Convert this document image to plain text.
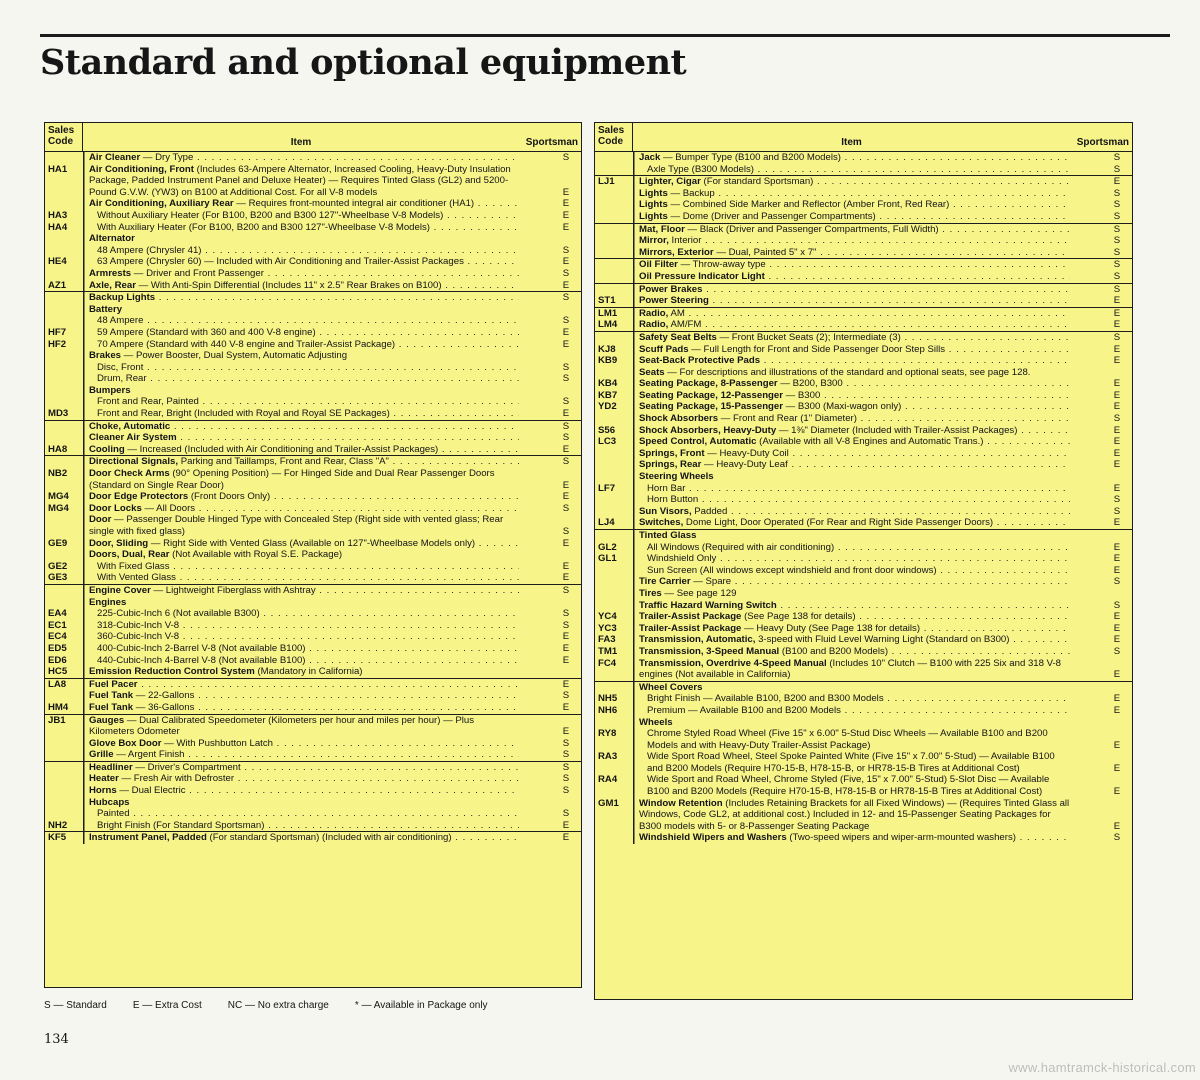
Standard and optional equipment
Sales Code	Item	Sportsman
Air Cleaner — Dry Type . . .	S
HA1	Air Conditioning, Front (Includes 63-Ampere Alternator, Increased Cooling, Heavy-Duty Insulation Package, Padded Instrument Panel and Deluxe Heater) — Requires Tinted Glass (GL2) and 5200-Pound G.V.W. (YW3) on B100 at Additional Cost. For all V-8 models	E
Air Conditioning, Auxiliary Rear — Requires front-mounted integral air conditioner (HA1) . . .	E
HA3	Without Auxiliary Heater (For B100, B200 and B300 127"-Wheelbase V-8 Models) . . .	E
HA4	With Auxiliary Heater (For B100, B200 and B300 127"-Wheelbase V-8 Models) . . .	E
Alternator
48 Ampere (Chrysler 41) . . .	S
HE4	63 Ampere (Chrysler 60) — Included with Air Conditioning and Trailer-Assist Packages . . .	E
Armrests — Driver and Front Passenger . . .	S
AZ1	Axle, Rear — With Anti-Spin Differential (Includes 11" x 2.5" Rear Brakes on B100) . . .	E
Backup Lights . . .	S
Battery
48 Ampere . . .	S
HF7	59 Ampere (Standard with 360 and 400 V-8 engine) . . .	E
HF2	70 Ampere (Standard with 440 V-8 engine and Trailer-Assist Package) . . .	E
Brakes — Power Booster, Dual System, Automatic Adjusting
Disc, Front . . .	S
Drum, Rear . . .	S
Bumpers
Front and Rear, Painted . . .	S
MD3	Front and Rear, Bright (Included with Royal and Royal SE Packages) . . .	E
Choke, Automatic . . .	S
Cleaner Air System . . .	S
HA8	Cooling — Increased (Included with Air Conditioning and Trailer-Assist Packages) . . .	E
Directional Signals, Parking and Taillamps, Front and Rear, Class "A" . . .	S
NB2	Door Check Arms (90° Opening Position) — For Hinged Side and Dual Rear Passenger Doors (Standard on Single Rear Door)	E
MG4	Door Edge Protectors (Front Doors Only) . . .	E
MG4	Door Locks — All Doors . . .	S
Door — Passenger Double Hinged Type with Concealed Step (Right side with vented glass; Rear single with fixed glass)	S
GE9	Door, Sliding — Right Side with Vented Glass (Available on 127"-Wheelbase Models only) . . .	E
Doors, Dual, Rear (Not Available with Royal S.E. Package)
GE2	With Fixed Glass . . .	E
GE3	With Vented Glass . . .	E
Engine Cover — Lightweight Fiberglass with Ashtray . . .	S
Engines
EA4	225-Cubic-Inch 6 (Not available B300) . . .	S
EC1	318-Cubic-Inch V-8 . . .	S
EC4	360-Cubic-Inch V-8 . . .	E
ED5	400-Cubic-Inch 2-Barrel V-8 (Not available B100) . . .	E
ED6	440-Cubic-Inch 4-Barrel V-8 (Not available B100) . . .	E
HC5	Emission Reduction Control System (Mandatory in California)
LA8	Fuel Pacer . . .	E
Fuel Tank — 22-Gallons . . .	S
HM4	Fuel Tank — 36-Gallons . . .	E
JB1	Gauges — Dual Calibrated Speedometer (Kilometers per hour and miles per hour) — Plus Kilometers Odometer	E
Glove Box Door — With Pushbutton Latch . . .	S
Grille — Argent Finish . . .	S
Headliner — Driver's Compartment . . .	S
Heater — Fresh Air with Defroster . . .	S
Horns — Dual Electric . . .	S
Hubcaps
Painted . . .	S
NH2	Bright Finish (For Standard Sportsman) . . .	E
KF5	Instrument Panel, Padded (For standard Sportsman) (Included with air conditioning) . . .	E
Sales Code	Item	Sportsman
Jack — Bumper Type (B100 and B200 Models) . . .	S
Axle Type (B300 Models) . . .	S
LJ1	Lighter, Cigar (For standard Sportsman) . . .	E
Lights — Backup . . .	S
Lights — Combined Side Marker and Reflector (Amber Front, Red Rear) . . .	S
Lights — Dome (Driver and Passenger Compartments) . . .	S
Mat, Floor — Black (Driver and Passenger Compartments, Full Width) . . .	S
Mirror, Interior . . .	S
Mirrors, Exterior — Dual, Painted 5" x 7" . . .	S
Oil Filter — Throw-away type . . .	S
Oil Pressure Indicator Light . . .	S
Power Brakes . . .	S
ST1	Power Steering . . .	E
LM1	Radio, AM . . .	E
LM4	Radio, AM/FM . . .	E
Safety Seat Belts — Front Bucket Seats (2); Intermediate (3) . . .	S
KJ8	Scuff Pads — Full Length for Front and Side Passenger Door Step Sills . . .	E
KB9	Seat-Back Protective Pads . . .	E
Seats — For descriptions and illustrations of the standard and optional seats, see page 128.
KB4	Seating Package, 8-Passenger — B200, B300 . . .	E
KB7	Seating Package, 12-Passenger — B300 . . .	E
YD2	Seating Package, 15-Passenger — B300 (Maxi-wagon only) . . .	E
Shock Absorbers — Front and Rear (1" Diameter) . . .	S
S56	Shock Absorbers, Heavy-Duty — 1⅜" Diameter (Included with Trailer-Assist Packages) . . .	E
LC3	Speed Control, Automatic (Available with all V-8 Engines and Automatic Trans.) . . .	E
Springs, Front — Heavy-Duty Coil . . .	E
Springs, Rear — Heavy-Duty Leaf . . .	E
Steering Wheels
LF7	Horn Bar . . .	E
Horn Button . . .	S
Sun Visors, Padded . . .	S
LJ4	Switches, Dome Light, Door Operated (For Rear and Right Side Passenger Doors) . . .	E
Tinted Glass
GL2	All Windows (Required with air conditioning) . . .	E
GL1	Windshield Only . . .	E
Sun Screen (All windows except windshield and front door windows) . . .	E
Tire Carrier — Spare . . .	S
Tires — See page 129
Traffic Hazard Warning Switch . . .	S
YC4	Trailer-Assist Package (See Page 138 for details) . . .	E
YC3	Trailer-Assist Package — Heavy Duty (See Page 138 for details) . . .	E
FA3	Transmission, Automatic, 3-speed with Fluid Level Warning Light (Standard on B300) . . .	E
TM1	Transmission, 3-Speed Manual (B100 and B200 Models) . . .	S
FC4	Transmission, Overdrive 4-Speed Manual (Includes 10" Clutch — B100 with 225 Six and 318 V-8 engines (Not available in California)	E
Wheel Covers
NH5	Bright Finish — Available B100, B200 and B300 Models . . .	E
NH6	Premium — Available B100 and B200 Models . . .	E
Wheels
RY8	Chrome Styled Road Wheel (Five 15" x 6.00" 5-Stud Disc Wheels — Available B100 and B200 Models and with Heavy-Duty Trailer-Assist Package)	E
RA3	Wide Sport Road Wheel, Steel Spoke Painted White (Five 15" x 7.00" 5-Stud) — Available B100 and B200 Models (Require H70-15-B, H78-15-B, or HR78-15-B Tires at Additional Cost)	E
RA4	Wide Sport and Road Wheel, Chrome Styled (Five, 15" x 7.00" 5-Stud) 5-Slot Disc — Available B100 and B200 Models (Require H70-15-B, H78-15-B or HR78-15-B Tires at Additional Cost)	E
GM1	Window Retention (Includes Retaining Brackets for all Fixed Windows) — (Requires Tinted Glass all Windows, Code GL2, at additional cost.) Included in 12- and 15-Passenger Seating Packages for B300 models with 5- or 8-Passenger Seating Package	E
Windshield Wipers and Washers (Two-speed wipers and wiper-arm-mounted washers) . . .	S
S — Standard	E — Extra Cost	NC — No extra charge	* — Available in Package only
134
www.hamtramck-historical.com
